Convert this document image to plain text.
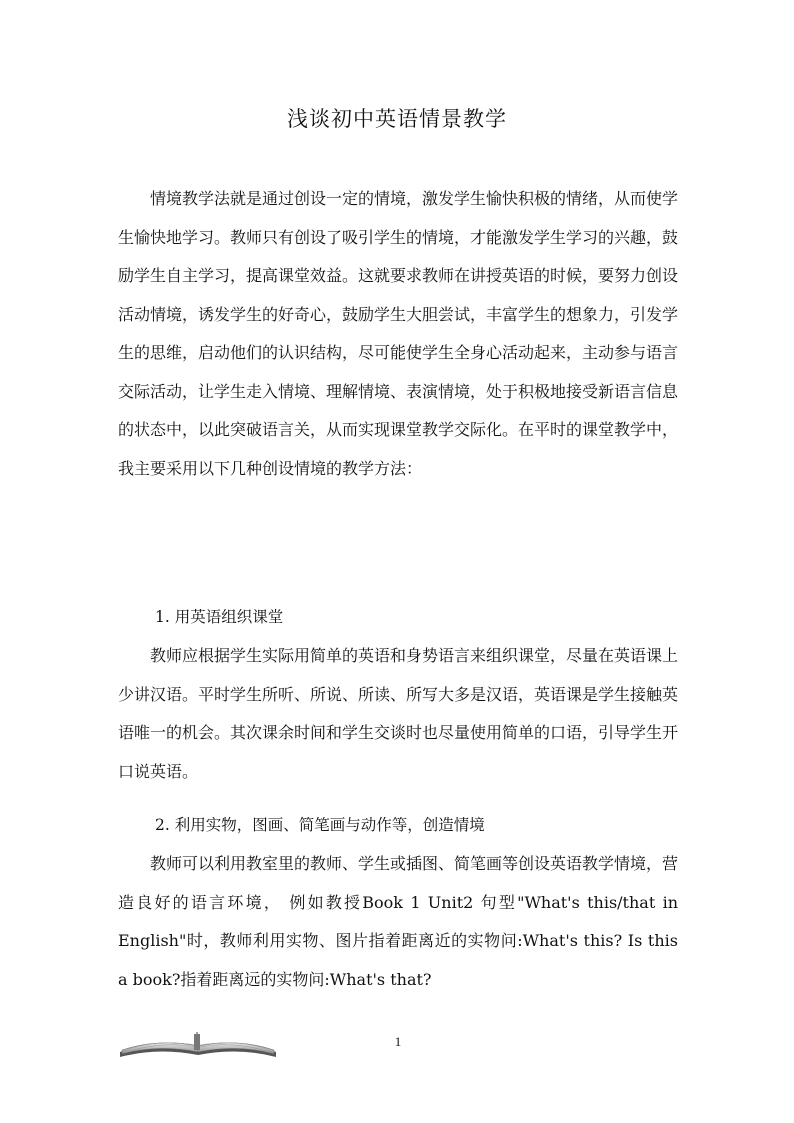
浅谈初中英语情景教学

情境教学法就是通过创设一定的情境，激发学生愉快积极的情绪，从而使学生愉快地学习。教师只有创设了吸引学生的情境，才能激发学生学习的兴趣，鼓励学生自主学习，提高课堂效益。这就要求教师在讲授英语的时候，要努力创设活动情境，诱发学生的好奇心，鼓励学生大胆尝试，丰富学生的想象力，引发学生的思维，启动他们的认识结构，尽可能使学生全身心活动起来，主动参与语言交际活动，让学生走入情境、理解情境、表演情境，处于积极地接受新语言信息的状态中，以此突破语言关，从而实现课堂教学交际化。在平时的课堂教学中，我主要采用以下几种创设情境的教学方法：

1. 用英语组织课堂

教师应根据学生实际用简单的英语和身势语言来组织课堂，尽量在英语课上少讲汉语。平时学生所听、所说、所读、所写大多是汉语，英语课是学生接触英语唯一的机会。其次课余时间和学生交谈时也尽量使用简单的口语，引导学生开口说英语。

2. 利用实物，图画、简笔画与动作等，创造情境

教师可以利用教室里的教师、学生或插图、简笔画等创设英语教学情境，营造良好的语言环境， 例如教授Book 1 Unit2 句型"What's this/that in English"时，教师利用实物、图片指着距离近的实物问:What's this? Is this a book?指着距离远的实物问:What's that?

1
